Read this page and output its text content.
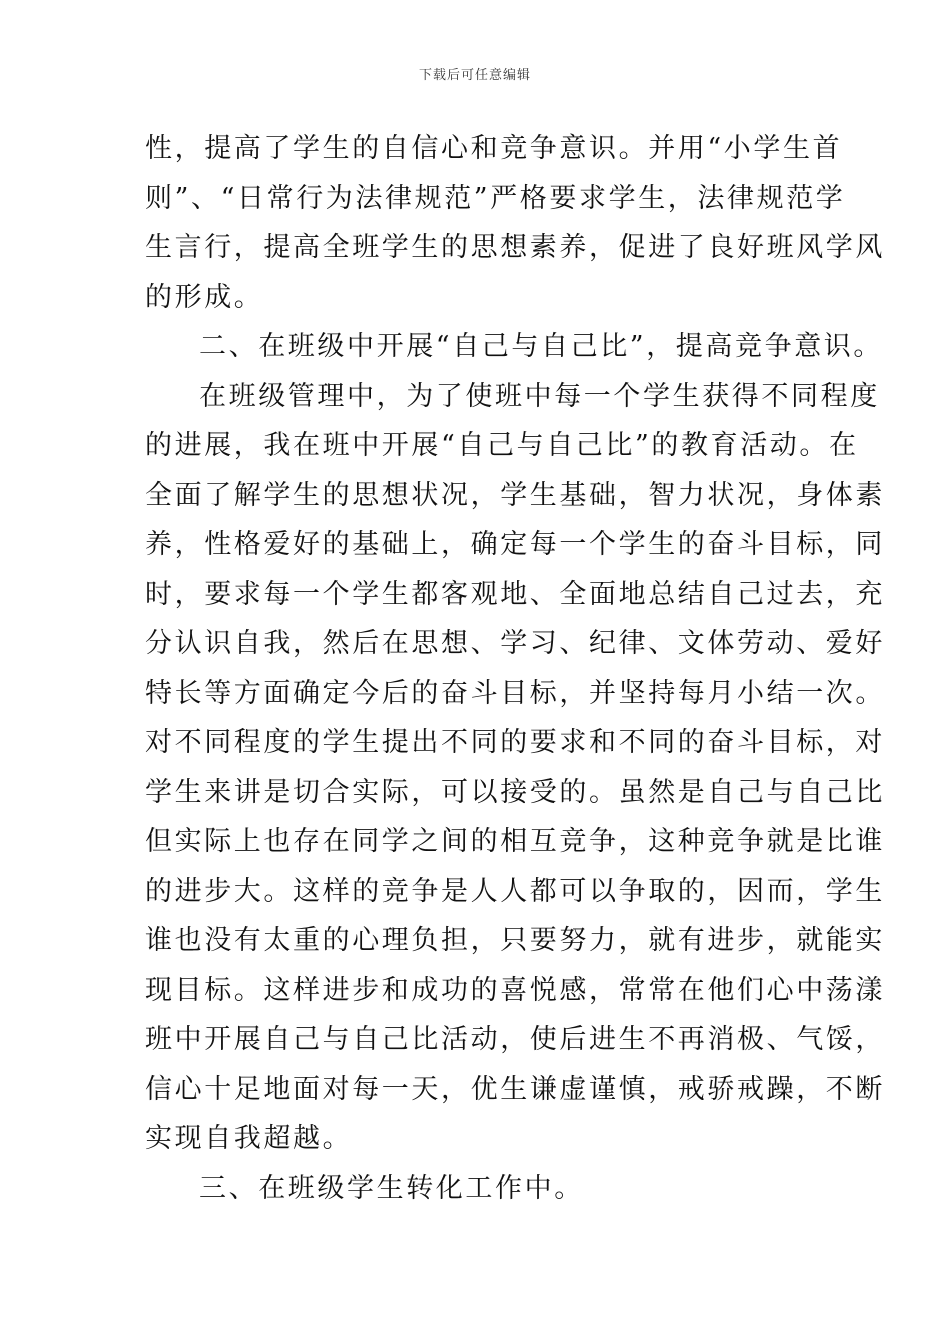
下载后可任意编辑
性，提高了学生的自信心和竞争意识。并用“小学生首
则”、“日常行为法律规范”严格要求学生，法律规范学
生言行，提高全班学生的思想素养，促进了良好班风学风
的形成。
二、在班级中开展“自己与自己比”，提高竞争意识。
在班级管理中，为了使班中每一个学生获得不同程度
的进展，我在班中开展“自己与自己比”的教育活动。在
全面了解学生的思想状况，学生基础，智力状况，身体素
养，性格爱好的基础上，确定每一个学生的奋斗目标，同
时，要求每一个学生都客观地、全面地总结自己过去，充
分认识自我，然后在思想、学习、纪律、文体劳动、爱好
特长等方面确定今后的奋斗目标，并坚持每月小结一次。
对不同程度的学生提出不同的要求和不同的奋斗目标，对
学生来讲是切合实际，可以接受的。虽然是自己与自己比
但实际上也存在同学之间的相互竞争，这种竞争就是比谁
的进步大。这样的竞争是人人都可以争取的，因而，学生
谁也没有太重的心理负担，只要努力，就有进步，就能实
现目标。这样进步和成功的喜悦感，常常在他们心中荡漾
班中开展自己与自己比活动，使后进生不再消极、气馁，
信心十足地面对每一天，优生谦虚谨慎，戒骄戒躁，不断
实现自我超越。
三、在班级学生转化工作中。
